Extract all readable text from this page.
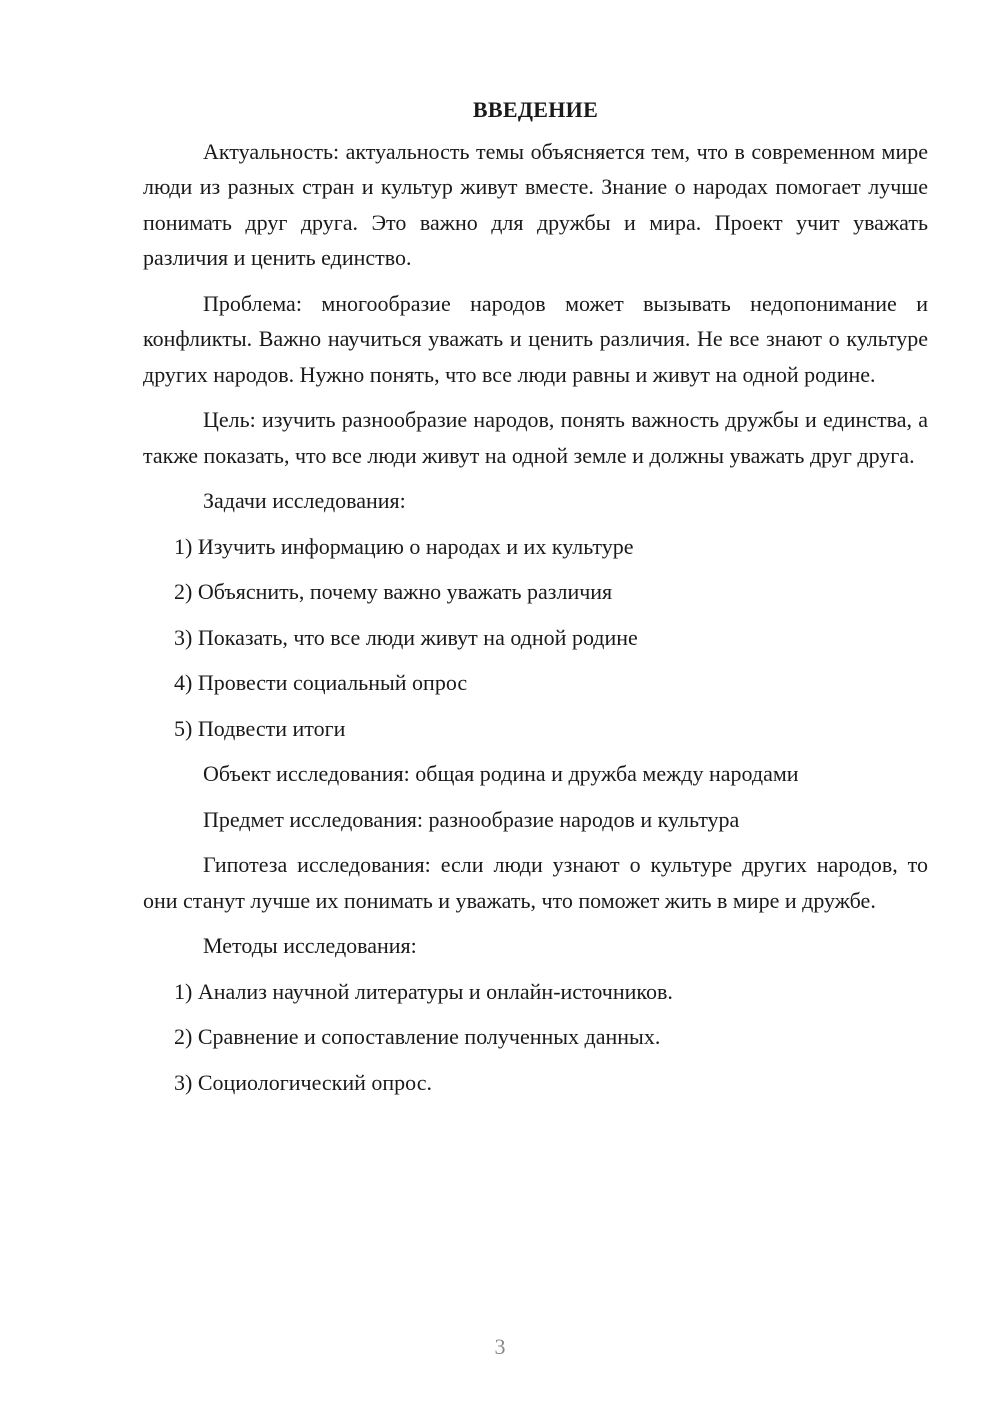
ВВЕДЕНИЕ

Актуальность: актуальность темы объясняется тем, что в современном мире люди из разных стран и культур живут вместе. Знание о народах помогает лучше понимать друг друга. Это важно для дружбы и мира. Проект учит уважать различия и ценить единство.

Проблема: многообразие народов может вызывать недопонимание и конфликты. Важно научиться уважать и ценить различия. Не все знают о культуре других народов. Нужно понять, что все люди равны и живут на одной родине.

Цель: изучить разнообразие народов, понять важность дружбы и единства, а также показать, что все люди живут на одной земле и должны уважать друг друга.

Задачи исследования:
1) Изучить информацию о народах и их культуре
2) Объяснить, почему важно уважать различия
3) Показать, что все люди живут на одной родине
4) Провести социальный опрос
5) Подвести итоги
Объект исследования: общая родина и дружба между народами
Предмет исследования: разнообразие народов и культура

Гипотеза исследования: если люди узнают о культуре других народов, то они станут лучше их понимать и уважать, что поможет жить в мире и дружбе.

Методы исследования:
1) Анализ научной литературы и онлайн-источников.
2) Сравнение и сопоставление полученных данных.
3) Социологический опрос.
3
